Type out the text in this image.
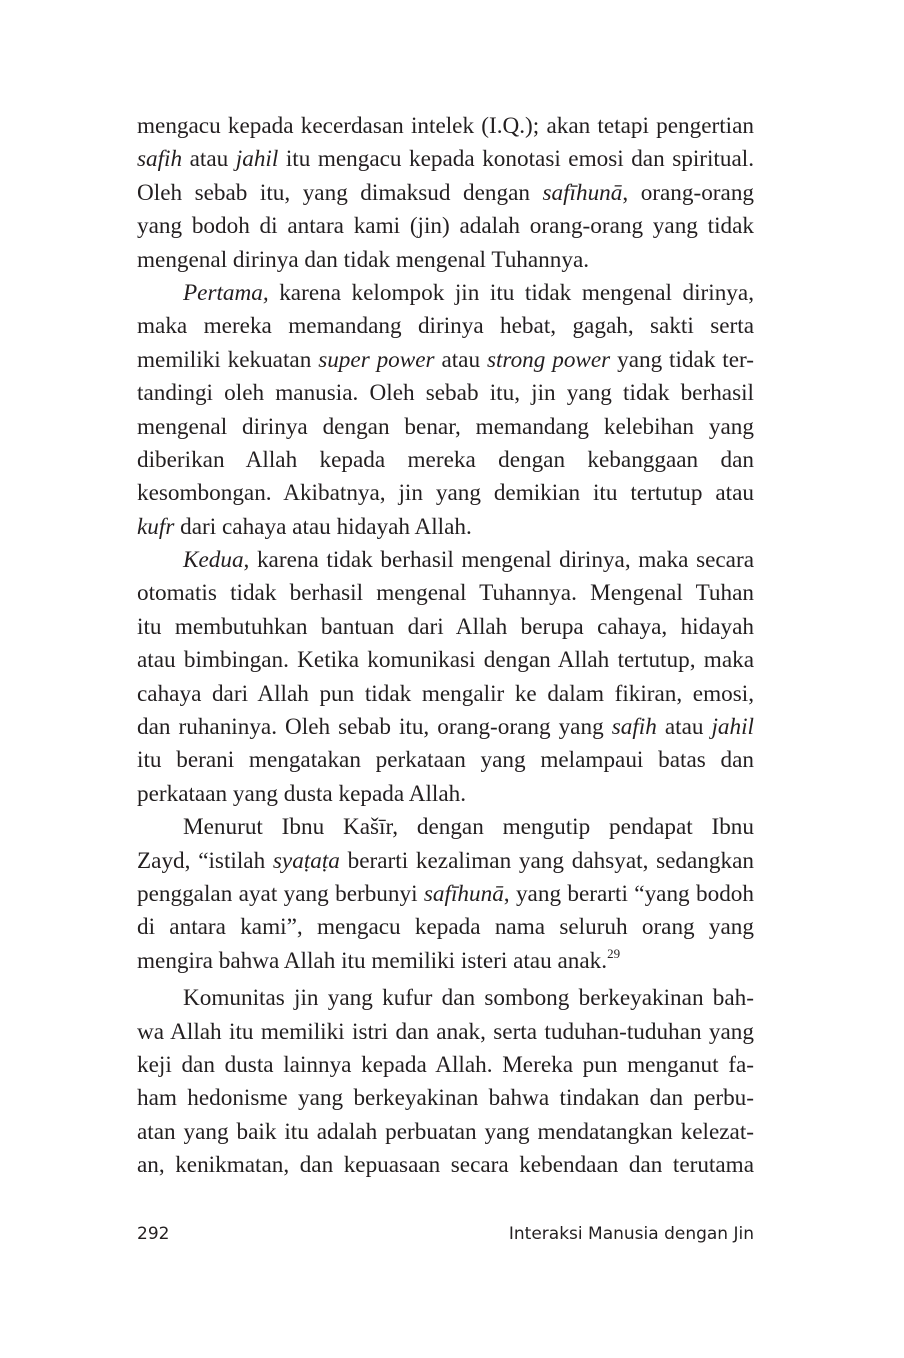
mengacu kepada kecerdasan intelek (I.Q.); akan tetapi pengertian
safih atau jahil itu mengacu kepada konotasi emosi dan spiritual.
Oleh sebab itu, yang dimaksud dengan safīhunā, orang-orang
yang bodoh di antara kami (jin) adalah orang-orang yang tidak
mengenal dirinya dan tidak mengenal Tuhannya.
Pertama, karena kelompok jin itu tidak mengenal dirinya,
maka mereka memandang dirinya hebat, gagah, sakti serta
memiliki kekuatan super power atau strong power yang tidak ter-
tandingi oleh manusia. Oleh sebab itu, jin yang tidak berhasil
mengenal dirinya dengan benar, memandang kelebihan yang
diberikan Allah kepada mereka dengan kebanggaan dan
kesombongan. Akibatnya, jin yang demikian itu tertutup atau
kufr dari cahaya atau hidayah Allah.
Kedua, karena tidak berhasil mengenal dirinya, maka secara
otomatis tidak berhasil mengenal Tuhannya. Mengenal Tuhan
itu membutuhkan bantuan dari Allah berupa cahaya, hidayah
atau bimbingan. Ketika komunikasi dengan Allah tertutup, maka
cahaya dari Allah pun tidak mengalir ke dalam fikiran, emosi,
dan ruhaninya. Oleh sebab itu, orang-orang yang safih atau jahil
itu berani mengatakan perkataan yang melampaui batas dan
perkataan yang dusta kepada Allah.
Menurut Ibnu Kašīr, dengan mengutip pendapat Ibnu
Zayd, “istilah syaṭaṭa berarti kezaliman yang dahsyat, sedangkan
penggalan ayat yang berbunyi safīhunā, yang berarti “yang bodoh
di antara kami”, mengacu kepada nama seluruh orang yang
mengira bahwa Allah itu memiliki isteri atau anak.$^{29}$
Komunitas jin yang kufur dan sombong berkeyakinan bah-
wa Allah itu memiliki istri dan anak, serta tuduhan-tuduhan yang
keji dan dusta lainnya kepada Allah. Mereka pun menganut fa-
ham hedonisme yang berkeyakinan bahwa tindakan dan perbu-
atan yang baik itu adalah perbuatan yang mendatangkan kelezat-
an, kenikmatan, dan kepuasaan secara kebendaan dan terutama
292	Interaksi Manusia dengan Jin
